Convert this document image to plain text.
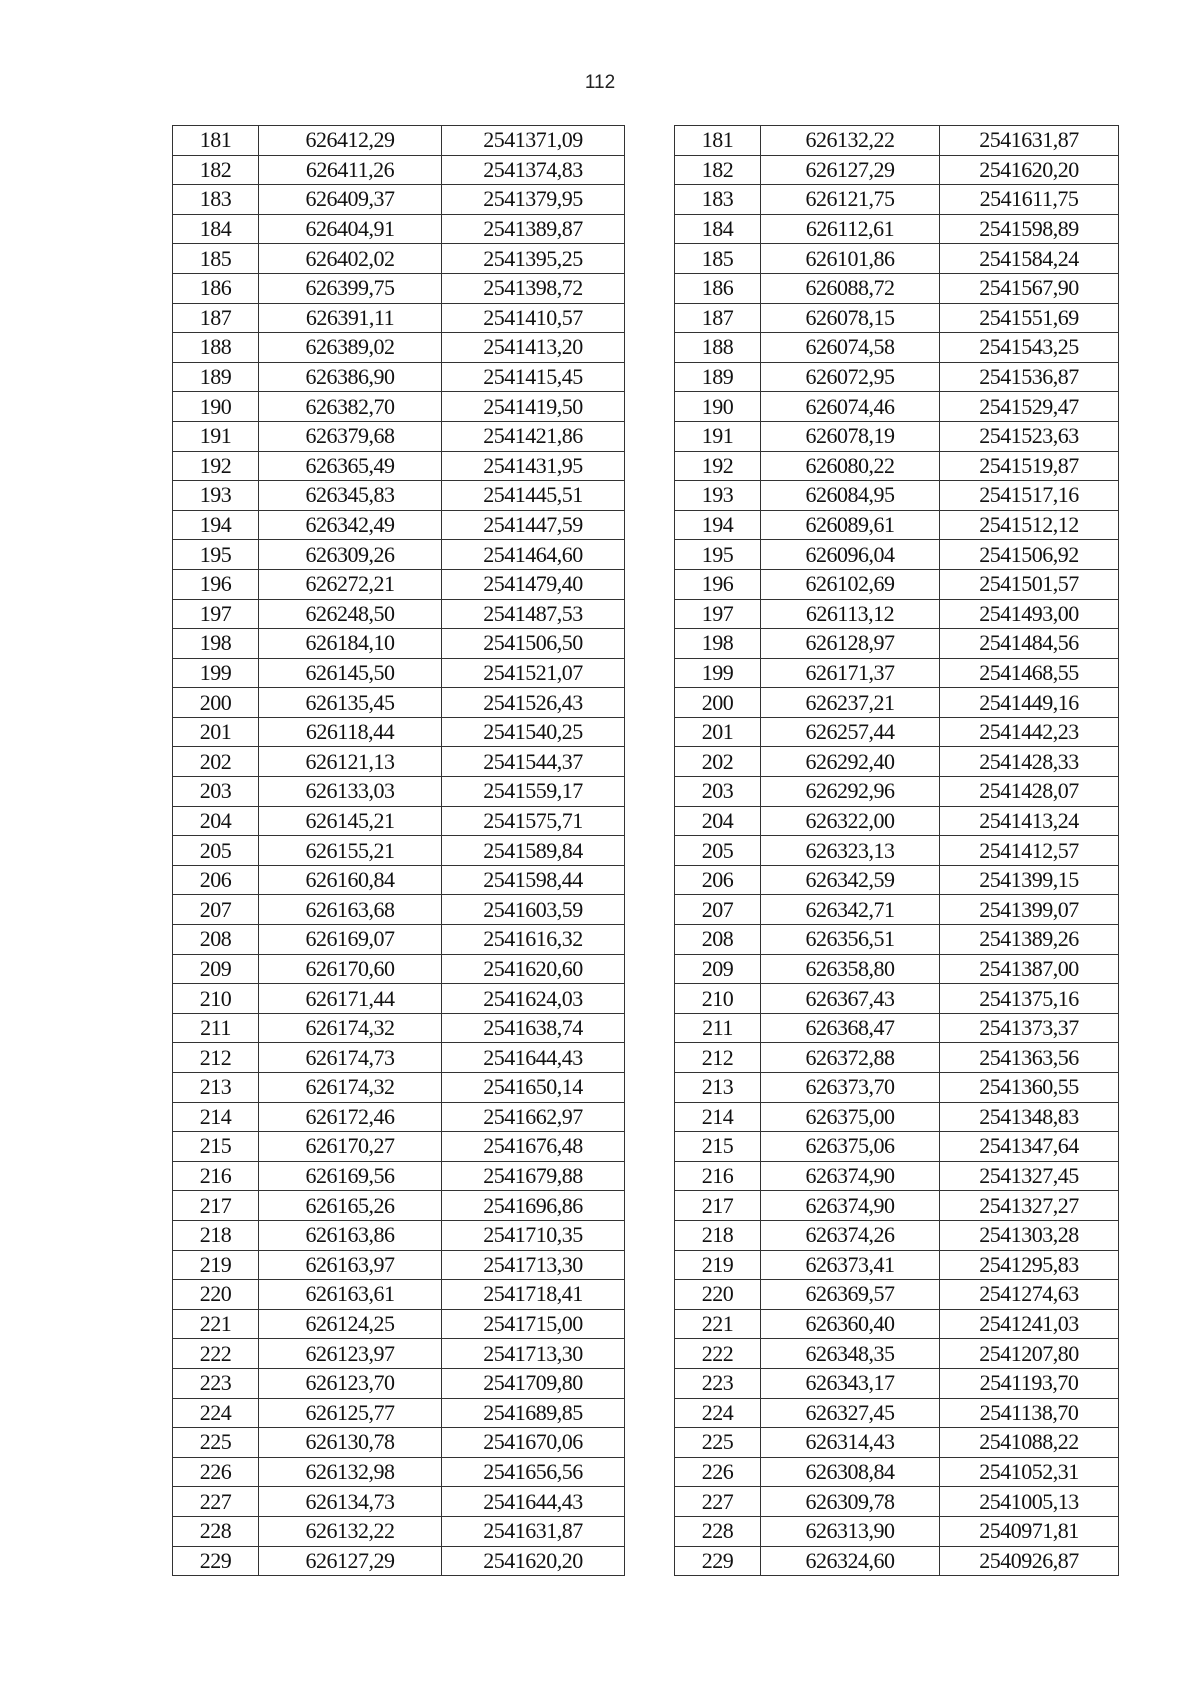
112
181	626412,29	2541371,09		181	626132,22	2541631,87
182	626411,26	2541374,83		182	626127,29	2541620,20
183	626409,37	2541379,95		183	626121,75	2541611,75
184	626404,91	2541389,87		184	626112,61	2541598,89
185	626402,02	2541395,25		185	626101,86	2541584,24
186	626399,75	2541398,72		186	626088,72	2541567,90
187	626391,11	2541410,57		187	626078,15	2541551,69
188	626389,02	2541413,20		188	626074,58	2541543,25
189	626386,90	2541415,45		189	626072,95	2541536,87
190	626382,70	2541419,50		190	626074,46	2541529,47
191	626379,68	2541421,86		191	626078,19	2541523,63
192	626365,49	2541431,95		192	626080,22	2541519,87
193	626345,83	2541445,51		193	626084,95	2541517,16
194	626342,49	2541447,59		194	626089,61	2541512,12
195	626309,26	2541464,60		195	626096,04	2541506,92
196	626272,21	2541479,40		196	626102,69	2541501,57
197	626248,50	2541487,53		197	626113,12	2541493,00
198	626184,10	2541506,50		198	626128,97	2541484,56
199	626145,50	2541521,07		199	626171,37	2541468,55
200	626135,45	2541526,43		200	626237,21	2541449,16
201	626118,44	2541540,25		201	626257,44	2541442,23
202	626121,13	2541544,37		202	626292,40	2541428,33
203	626133,03	2541559,17		203	626292,96	2541428,07
204	626145,21	2541575,71		204	626322,00	2541413,24
205	626155,21	2541589,84		205	626323,13	2541412,57
206	626160,84	2541598,44		206	626342,59	2541399,15
207	626163,68	2541603,59		207	626342,71	2541399,07
208	626169,07	2541616,32		208	626356,51	2541389,26
209	626170,60	2541620,60		209	626358,80	2541387,00
210	626171,44	2541624,03		210	626367,43	2541375,16
211	626174,32	2541638,74		211	626368,47	2541373,37
212	626174,73	2541644,43		212	626372,88	2541363,56
213	626174,32	2541650,14		213	626373,70	2541360,55
214	626172,46	2541662,97		214	626375,00	2541348,83
215	626170,27	2541676,48		215	626375,06	2541347,64
216	626169,56	2541679,88		216	626374,90	2541327,45
217	626165,26	2541696,86		217	626374,90	2541327,27
218	626163,86	2541710,35		218	626374,26	2541303,28
219	626163,97	2541713,30		219	626373,41	2541295,83
220	626163,61	2541718,41		220	626369,57	2541274,63
221	626124,25	2541715,00		221	626360,40	2541241,03
222	626123,97	2541713,30		222	626348,35	2541207,80
223	626123,70	2541709,80		223	626343,17	2541193,70
224	626125,77	2541689,85		224	626327,45	2541138,70
225	626130,78	2541670,06		225	626314,43	2541088,22
226	626132,98	2541656,56		226	626308,84	2541052,31
227	626134,73	2541644,43		227	626309,78	2541005,13
228	626132,22	2541631,87		228	626313,90	2540971,81
229	626127,29	2541620,20		229	626324,60	2540926,87
